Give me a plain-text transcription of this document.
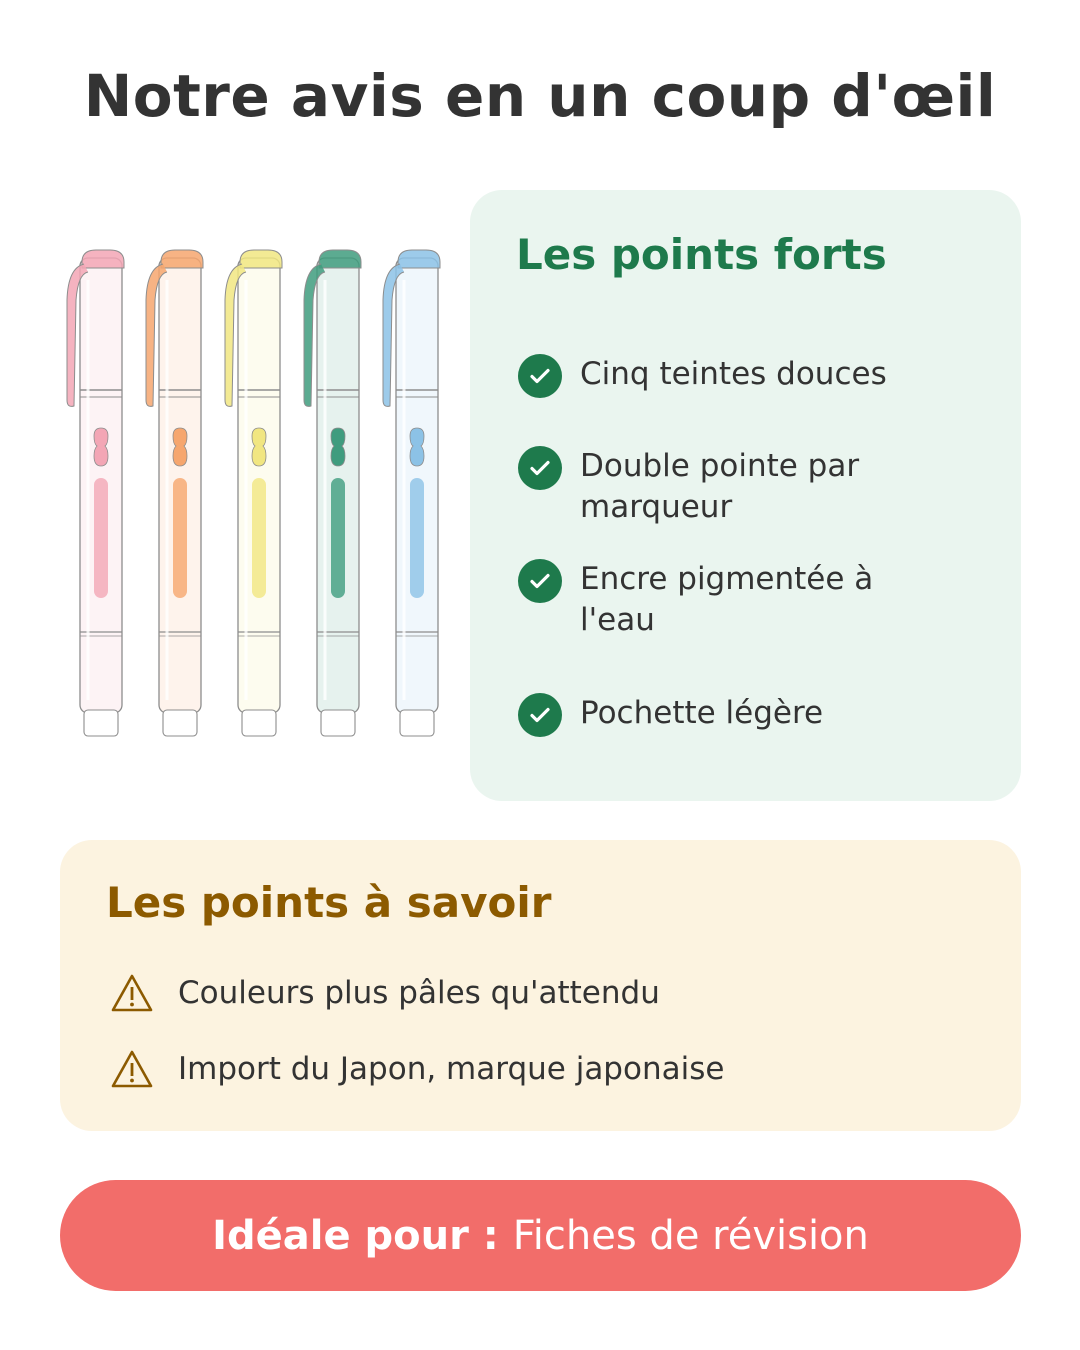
Notre avis en un coup d'œil
Les points forts
Cinq teintes douces
Double pointe par marqueur
Encre pigmentée à l'eau
Pochette légère
Les points à savoir
Couleurs plus pâles qu'attendu
Import du Japon, marque japonaise
Idéale pour : Fiches de révision
